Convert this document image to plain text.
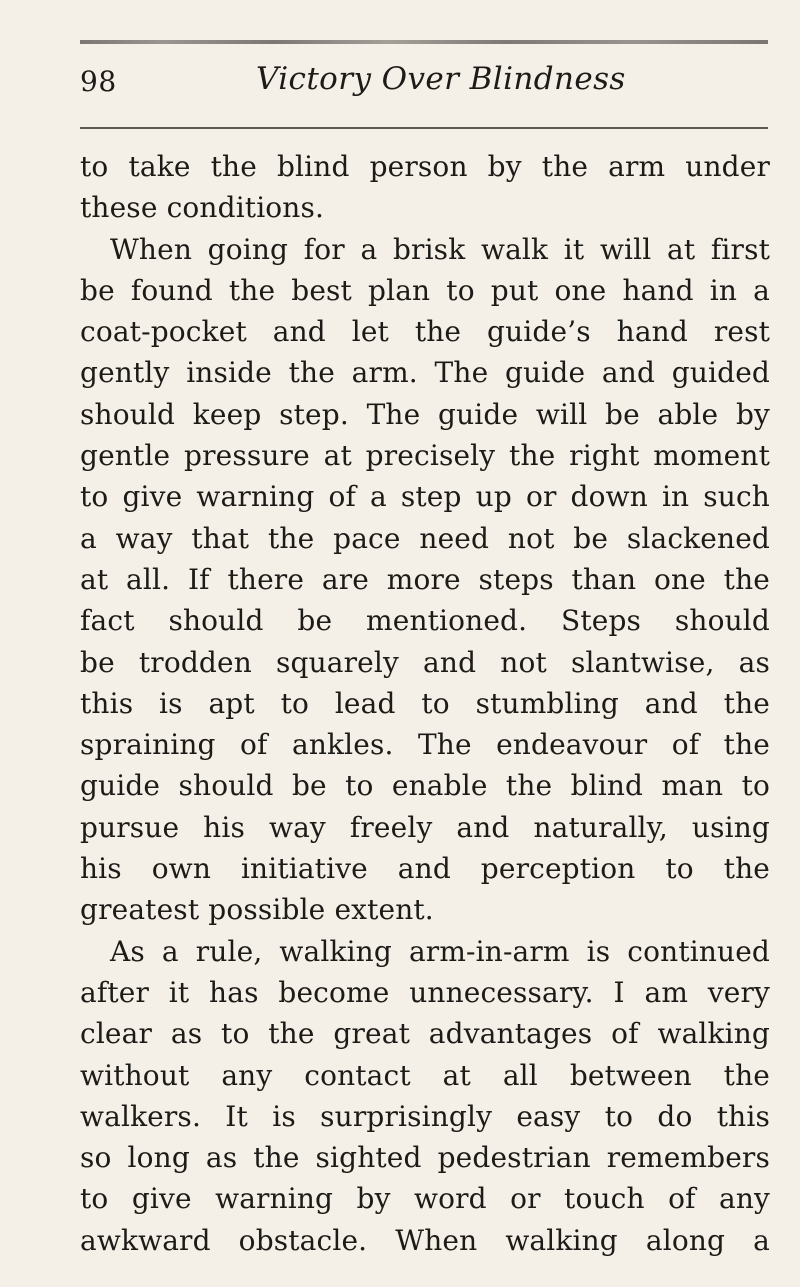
98	Victory Over Blindness
to take the blind person by the arm under
these conditions.
When going for a brisk walk it will at first
be found the best plan to put one hand in a
coat-pocket and let the guide’s hand rest
gently inside the arm. The guide and guided
should keep step. The guide will be able by
gentle pressure at precisely the right moment
to give warning of a step up or down in such
a way that the pace need not be slackened
at all. If there are more steps than one the
fact should be mentioned. Steps should
be trodden squarely and not slantwise, as
this is apt to lead to stumbling and the
spraining of ankles. The endeavour of the
guide should be to enable the blind man to
pursue his way freely and naturally, using
his own initiative and perception to the
greatest possible extent.
As a rule, walking arm-in-arm is continued
after it has become unnecessary. I am very
clear as to the great advantages of walking
without any contact at all between the
walkers. It is surprisingly easy to do this
so long as the sighted pedestrian remembers
to give warning by word or touch of any
awkward obstacle. When walking along a
